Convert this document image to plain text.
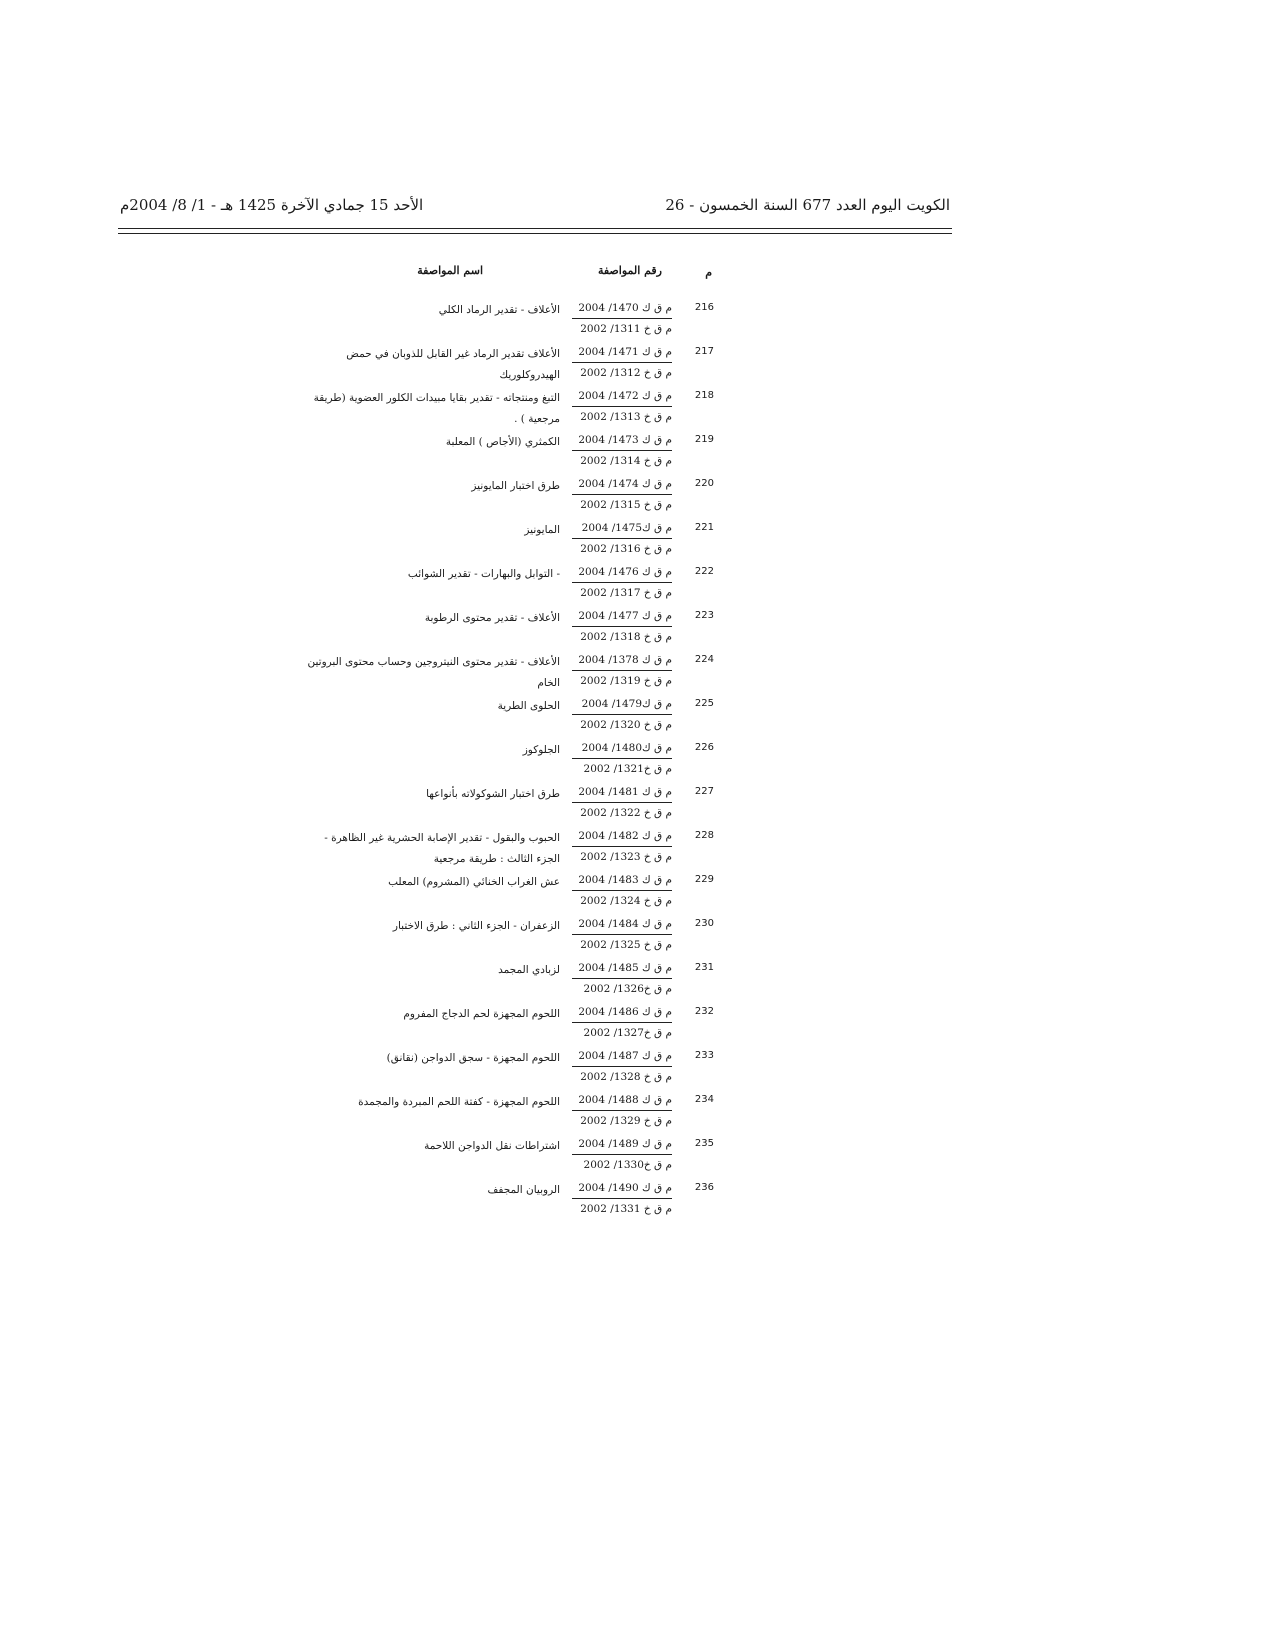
الكويت اليوم العدد 677 السنة الخمسون - 26
الأحد 15 جمادي الآخرة 1425 هـ - 1/ 8/ 2004م
م
رقم المواصفة
اسم المواصفة
216
م ق ك 1470/ 2004
م ق خ 1311/ 2002
الأعلاف - تقدير الرماد الكلي
217
م ق ك 1471/ 2004
م ق خ 1312/ 2002
الأعلاف تقدير الرماد غير القابل للذوبان في حمض الهيدروكلوريك
218
م ق ك 1472/ 2004
م ق خ 1313/ 2002
التبغ ومنتجاته - تقدير بقايا مبيدات الكلور العضوية (طريقة مرجعية ) .
219
م ق ك 1473/ 2004
م ق خ 1314/ 2002
الكمثري (الأجاص ) المعلبة
220
م ق ك 1474/ 2004
م ق خ 1315/ 2002
طرق اختبار المايونيز
221
م ق ك1475/ 2004
م ق خ 1316/ 2002
المايونيز
222
م ق ك 1476/ 2004
م ق خ 1317/ 2002
- التوابل والبهارات - تقدير الشوائب
223
م ق ك 1477/ 2004
م ق خ 1318/ 2002
الأعلاف - تقدير محتوى الرطوبة
224
م ق ك 1378/ 2004
م ق خ 1319/ 2002
الأعلاف - تقدير محتوى النيتروجين وحساب محتوى البروتين الخام
225
م ق ك1479/ 2004
م ق خ 1320/ 2002
الحلوى الطرية
226
م ق ك1480/ 2004
م ق خ1321/ 2002
الجلوكوز
227
م ق ك 1481/ 2004
م ق خ 1322/ 2002
طرق اختبار الشوكولاته بأنواعها
228
م ق ك 1482/ 2004
م ق خ 1323/ 2002
الحبوب والبقول - تقدير الإصابة الحشرية غير الظاهرة - الجزء الثالث : طريقة مرجعية
229
م ق ك 1483/ 2004
م ق خ 1324/ 2002
عش الغراب الخنائي (المشروم) المعلب
230
م ق ك 1484/ 2004
م ق خ 1325/ 2002
الزعفران - الجزء الثاني : طرق الاختبار
231
م ق ك 1485/ 2004
م ق خ1326/ 2002
لزبادي المجمد
232
م ق ك 1486/ 2004
م ق خ1327/ 2002
اللحوم المجهزة لحم الدجاج المفروم
233
م ق ك 1487/ 2004
م ق خ 1328/ 2002
اللحوم المجهزة - سجق الدواجن (نقانق)
234
م ق ك 1488/ 2004
م ق خ 1329/ 2002
اللحوم المجهزة - كفتة اللحم المبردة والمجمدة
235
م ق ك 1489/ 2004
م ق خ1330/ 2002
اشتراطات نقل الدواجن اللاحمة
236
م ق ك 1490/ 2004
م ق خ 1331/ 2002
الروبيان المجفف
